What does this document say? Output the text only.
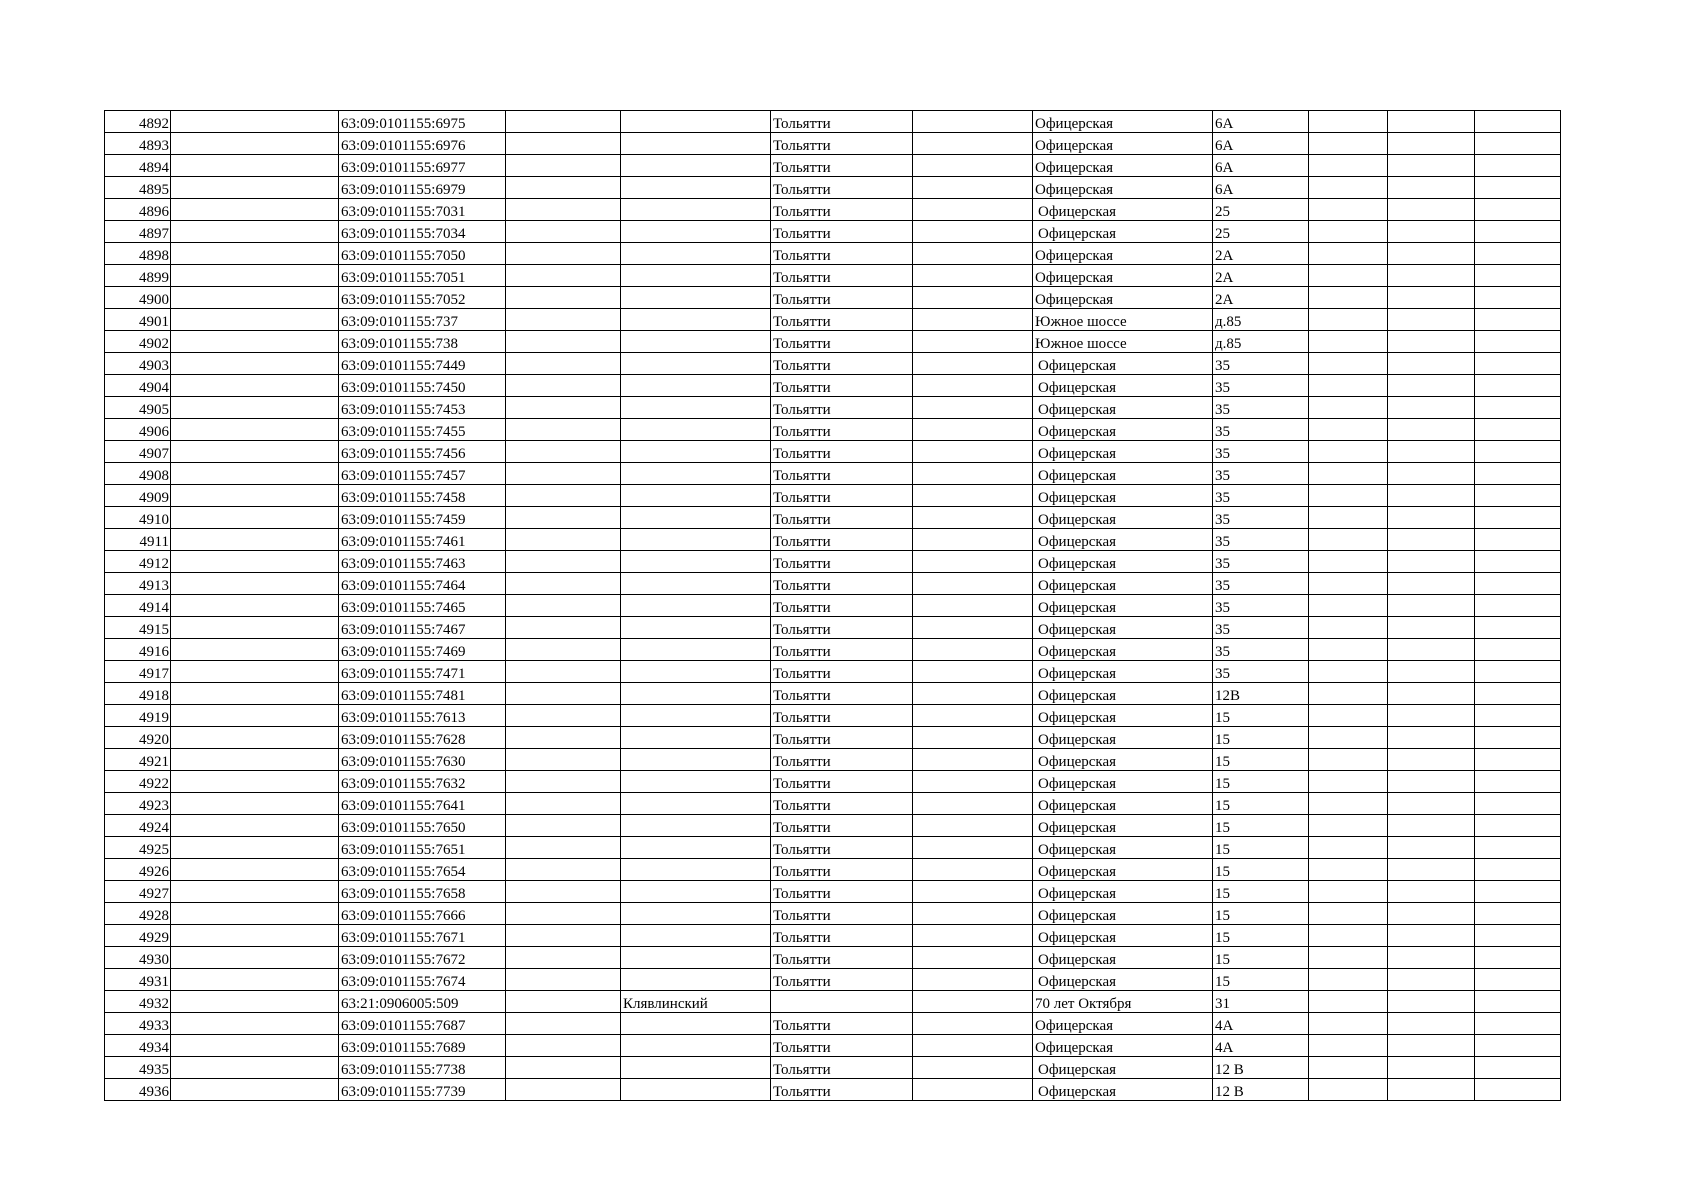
4892		63:09:0101155:6975			Тольятти		Офицерская	6А			
4893		63:09:0101155:6976			Тольятти		Офицерская	6А			
4894		63:09:0101155:6977			Тольятти		Офицерская	6А			
4895		63:09:0101155:6979			Тольятти		Офицерская	6А			
4896		63:09:0101155:7031			Тольятти		Офицерская	25			
4897		63:09:0101155:7034			Тольятти		Офицерская	25			
4898		63:09:0101155:7050			Тольятти		Офицерская	2А			
4899		63:09:0101155:7051			Тольятти		Офицерская	2А			
4900		63:09:0101155:7052			Тольятти		Офицерская	2А			
4901		63:09:0101155:737			Тольятти		Южное шоссе	д.85			
4902		63:09:0101155:738			Тольятти		Южное шоссе	д.85			
4903		63:09:0101155:7449			Тольятти		Офицерская	35			
4904		63:09:0101155:7450			Тольятти		Офицерская	35			
4905		63:09:0101155:7453			Тольятти		Офицерская	35			
4906		63:09:0101155:7455			Тольятти		Офицерская	35			
4907		63:09:0101155:7456			Тольятти		Офицерская	35			
4908		63:09:0101155:7457			Тольятти		Офицерская	35			
4909		63:09:0101155:7458			Тольятти		Офицерская	35			
4910		63:09:0101155:7459			Тольятти		Офицерская	35			
4911		63:09:0101155:7461			Тольятти		Офицерская	35			
4912		63:09:0101155:7463			Тольятти		Офицерская	35			
4913		63:09:0101155:7464			Тольятти		Офицерская	35			
4914		63:09:0101155:7465			Тольятти		Офицерская	35			
4915		63:09:0101155:7467			Тольятти		Офицерская	35			
4916		63:09:0101155:7469			Тольятти		Офицерская	35			
4917		63:09:0101155:7471			Тольятти		Офицерская	35			
4918		63:09:0101155:7481			Тольятти		Офицерская	12В			
4919		63:09:0101155:7613			Тольятти		Офицерская	15			
4920		63:09:0101155:7628			Тольятти		Офицерская	15			
4921		63:09:0101155:7630			Тольятти		Офицерская	15			
4922		63:09:0101155:7632			Тольятти		Офицерская	15			
4923		63:09:0101155:7641			Тольятти		Офицерская	15			
4924		63:09:0101155:7650			Тольятти		Офицерская	15			
4925		63:09:0101155:7651			Тольятти		Офицерская	15			
4926		63:09:0101155:7654			Тольятти		Офицерская	15			
4927		63:09:0101155:7658			Тольятти		Офицерская	15			
4928		63:09:0101155:7666			Тольятти		Офицерская	15			
4929		63:09:0101155:7671			Тольятти		Офицерская	15			
4930		63:09:0101155:7672			Тольятти		Офицерская	15			
4931		63:09:0101155:7674			Тольятти		Офицерская	15			
4932		63:21:0906005:509		Клявлинский			70 лет Октября	31			
4933		63:09:0101155:7687			Тольятти		Офицерская	4А			
4934		63:09:0101155:7689			Тольятти		Офицерская	4А			
4935		63:09:0101155:7738			Тольятти		Офицерская	12 В			
4936		63:09:0101155:7739			Тольятти		Офицерская	12 В			
